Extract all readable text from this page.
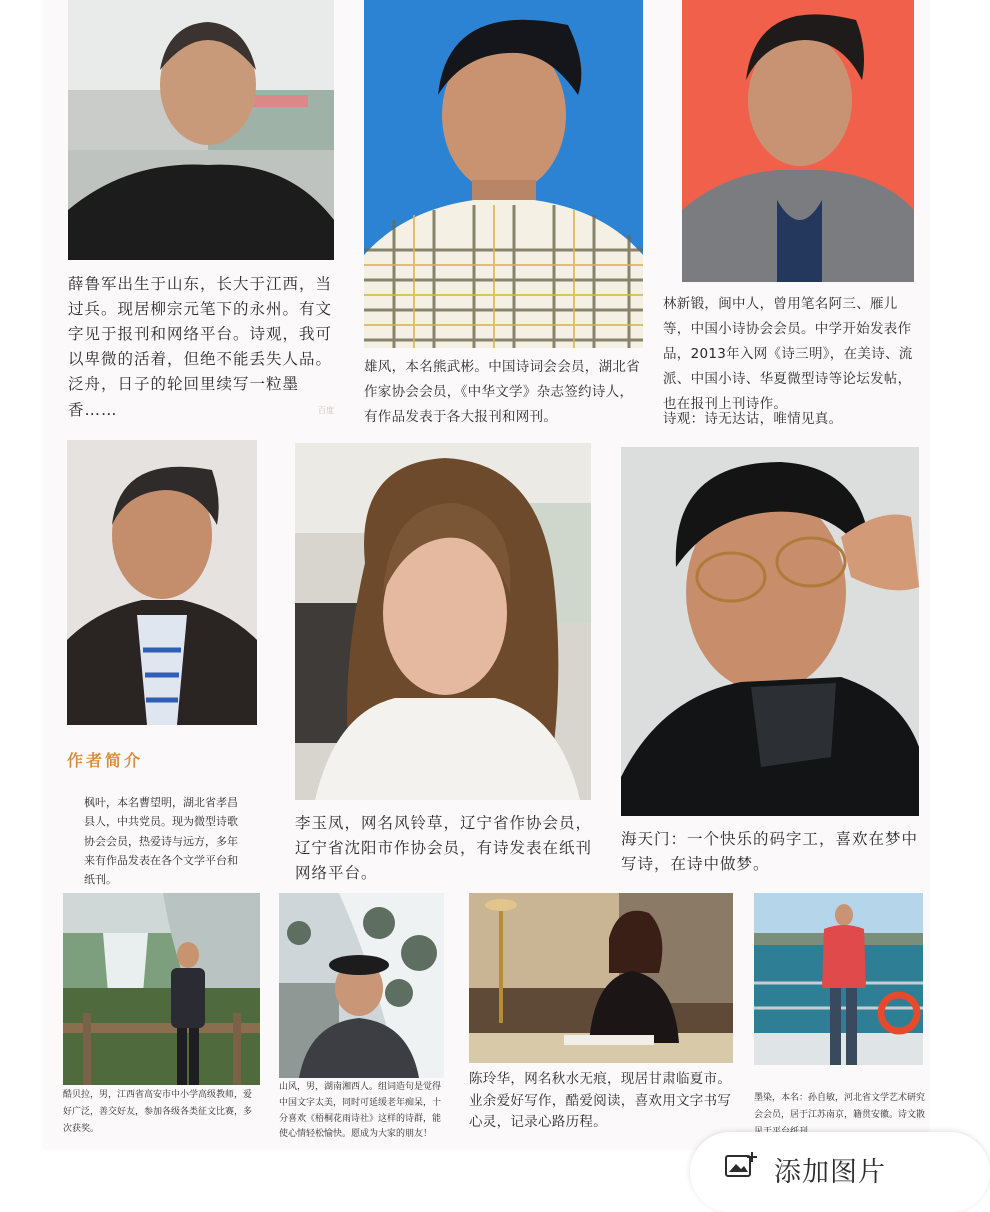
薛鲁军出生于山东，长大于江西，当过兵。现居柳宗元笔下的永州。有文字见于报刊和网络平台。诗观，我可以卑微的活着，但绝不能丢失人品。泛舟，日子的轮回里续写一粒墨香……
雄风，本名熊武彬。中国诗词会会员，湖北省作家协会会员，《中华文学》杂志签约诗人，有作品发表于各大报刊和网刊。
林新锻，闽中人，曾用笔名阿三、雁儿等，中国小诗协会会员。中学开始发表作品，2013年入网《诗三明》，在美诗、流派、中国小诗、华夏微型诗等论坛发帖，也在报刊上刊诗作。
诗观：诗无达诂，唯情见真。
百度
作者简介
枫叶，本名曹望明，湖北省孝昌县人，中共党员。现为微型诗歌协会会员，热爱诗与远方，多年来有作品发表在各个文学平台和纸刊。
李玉凤，网名风铃草，辽宁省作协会员，辽宁省沈阳市作协会员，有诗发表在纸刊网络平台。
海天门：一个快乐的码字工，喜欢在梦中写诗，在诗中做梦。
酷贝拉，男，江西省高安市中小学高级教师，爱好广泛，善交好友，参加各级各类征文比赛，多次获奖。
山风，男，湖南湘西人。组词造句是觉得中国文字太美，同时可延缓老年痴呆，十分喜欢《梧桐花雨诗社》这样的诗群，能使心情轻松愉快。愿成为大家的朋友！
陈玲华，网名秋水无痕，现居甘肃临夏市。业余爱好写作，酷爱阅读，喜欢用文字书写心灵，记录心路历程。
墨染，本名：孙自敏，河北省文学艺术研究会会员，居于江苏南京，籍贯安徽。诗文散
添加图片
